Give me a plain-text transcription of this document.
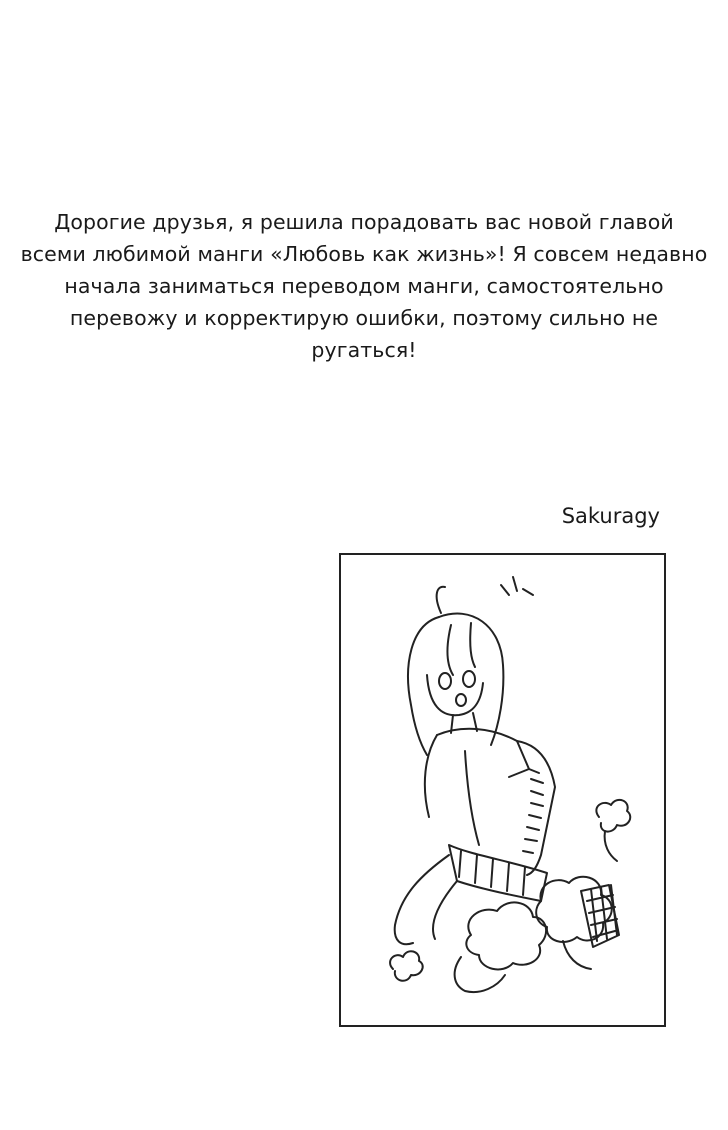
Дорогие друзья, я решила порадовать вас новой главой
всеми любимой манги «Любовь как жизнь»! Я совсем недавно
начала заниматься переводом манги, самостоятельно
перевожу и корректирую ошибки, поэтому сильно не
ругаться!
Sakuragy
